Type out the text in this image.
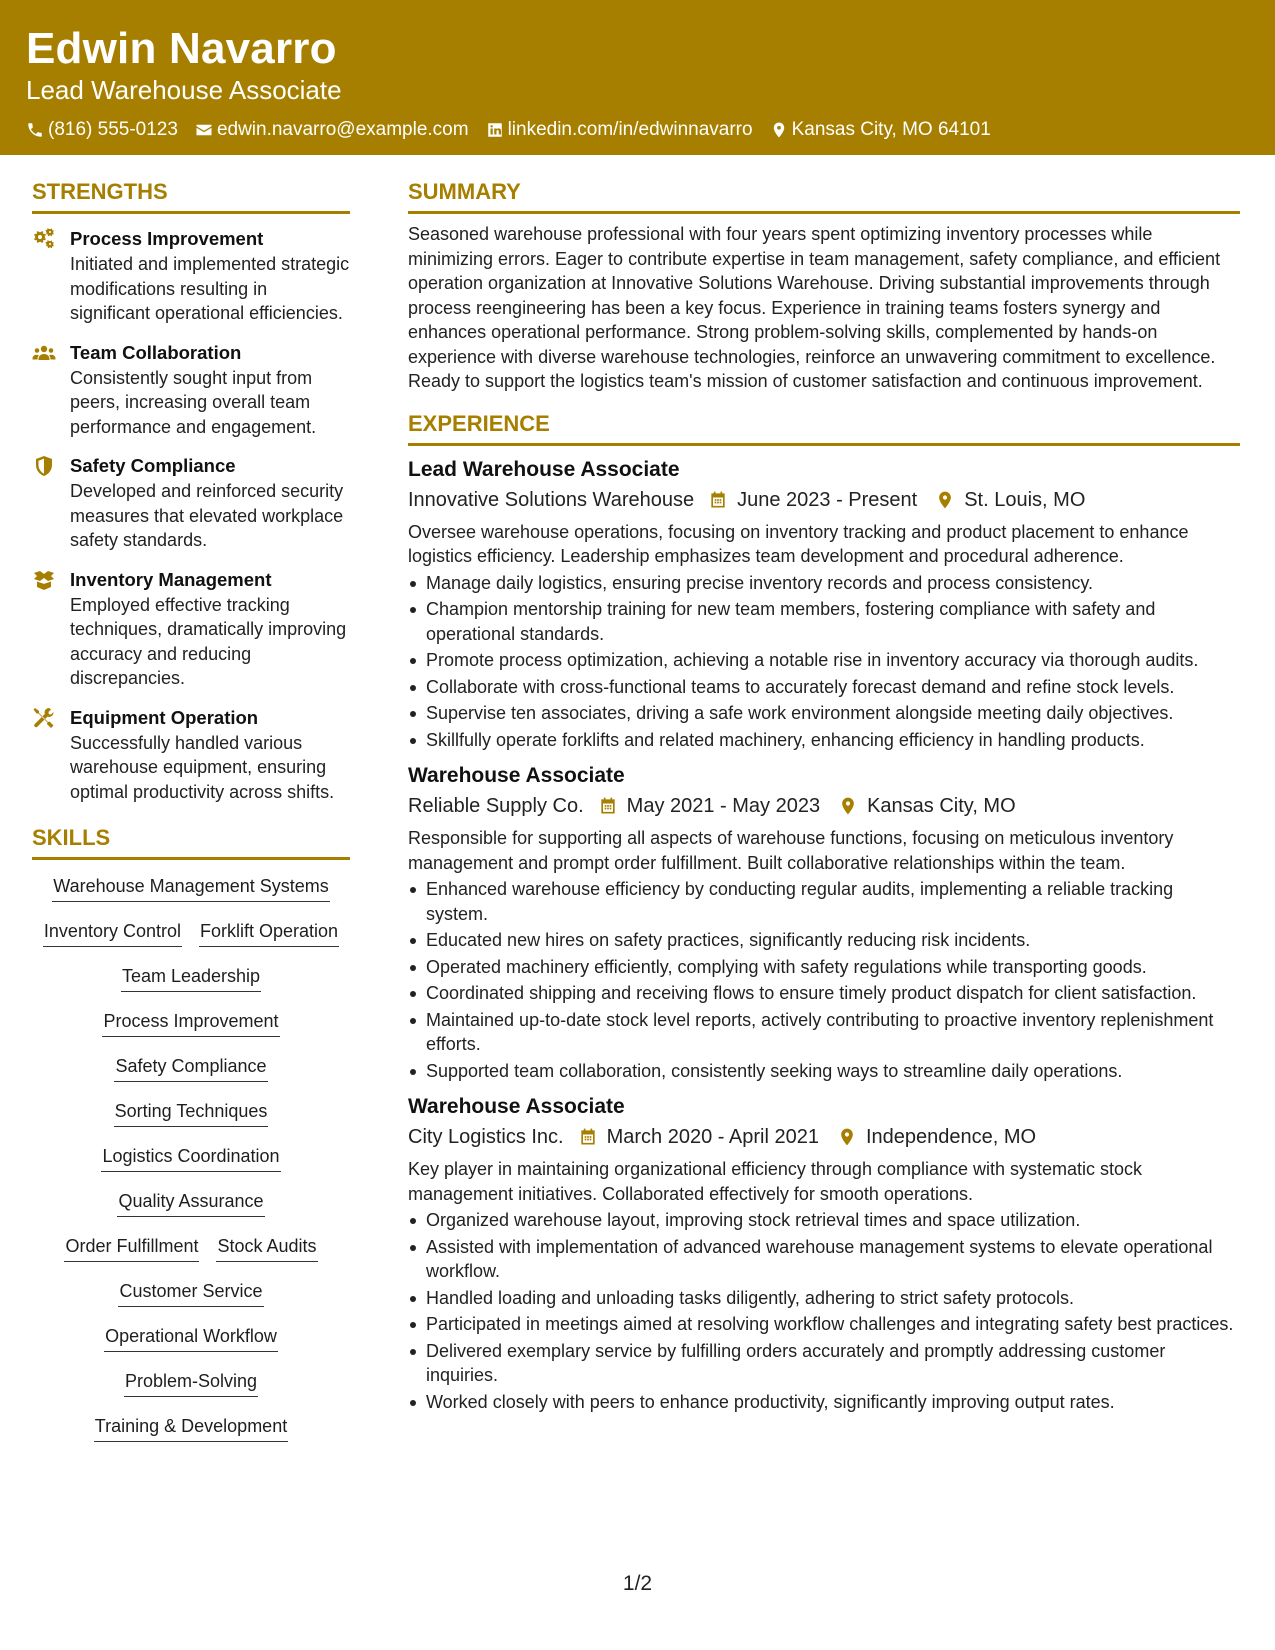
Edwin Navarro
Lead Warehouse Associate
(816) 555-0123 edwin.navarro@example.com linkedin.com/in/edwinnavarro Kansas City, MO 64101
STRENGTHS
Process Improvement
Initiated and implemented strategic modifications resulting in significant operational efficiencies.
Team Collaboration
Consistently sought input from peers, increasing overall team performance and engagement.
Safety Compliance
Developed and reinforced security measures that elevated workplace safety standards.
Inventory Management
Employed effective tracking techniques, dramatically improving accuracy and reducing discrepancies.
Equipment Operation
Successfully handled various warehouse equipment, ensuring optimal productivity across shifts.
SKILLS
Warehouse Management Systems
Inventory Control Forklift Operation
Team Leadership
Process Improvement
Safety Compliance
Sorting Techniques
Logistics Coordination
Quality Assurance
Order Fulfillment Stock Audits
Customer Service
Operational Workflow
Problem-Solving
Training & Development
SUMMARY
Seasoned warehouse professional with four years spent optimizing inventory processes while minimizing errors. Eager to contribute expertise in team management, safety compliance, and efficient operation organization at Innovative Solutions Warehouse. Driving substantial improvements through process reengineering has been a key focus. Experience in training teams fosters synergy and enhances operational performance. Strong problem-solving skills, complemented by hands-on experience with diverse warehouse technologies, reinforce an unwavering commitment to excellence. Ready to support the logistics team's mission of customer satisfaction and continuous improvement.
EXPERIENCE
Lead Warehouse Associate
Innovative Solutions Warehouse June 2023 - Present St. Louis, MO
Oversee warehouse operations, focusing on inventory tracking and product placement to enhance logistics efficiency. Leadership emphasizes team development and procedural adherence.
Manage daily logistics, ensuring precise inventory records and process consistency.
Champion mentorship training for new team members, fostering compliance with safety and operational standards.
Promote process optimization, achieving a notable rise in inventory accuracy via thorough audits.
Collaborate with cross-functional teams to accurately forecast demand and refine stock levels.
Supervise ten associates, driving a safe work environment alongside meeting daily objectives.
Skillfully operate forklifts and related machinery, enhancing efficiency in handling products.
Warehouse Associate
Reliable Supply Co. May 2021 - May 2023 Kansas City, MO
Responsible for supporting all aspects of warehouse functions, focusing on meticulous inventory management and prompt order fulfillment. Built collaborative relationships within the team.
Enhanced warehouse efficiency by conducting regular audits, implementing a reliable tracking system.
Educated new hires on safety practices, significantly reducing risk incidents.
Operated machinery efficiently, complying with safety regulations while transporting goods.
Coordinated shipping and receiving flows to ensure timely product dispatch for client satisfaction.
Maintained up-to-date stock level reports, actively contributing to proactive inventory replenishment efforts.
Supported team collaboration, consistently seeking ways to streamline daily operations.
Warehouse Associate
City Logistics Inc. March 2020 - April 2021 Independence, MO
Key player in maintaining organizational efficiency through compliance with systematic stock management initiatives. Collaborated effectively for smooth operations.
Organized warehouse layout, improving stock retrieval times and space utilization.
Assisted with implementation of advanced warehouse management systems to elevate operational workflow.
Handled loading and unloading tasks diligently, adhering to strict safety protocols.
Participated in meetings aimed at resolving workflow challenges and integrating safety best practices.
Delivered exemplary service by fulfilling orders accurately and promptly addressing customer inquiries.
Worked closely with peers to enhance productivity, significantly improving output rates.
1/2
